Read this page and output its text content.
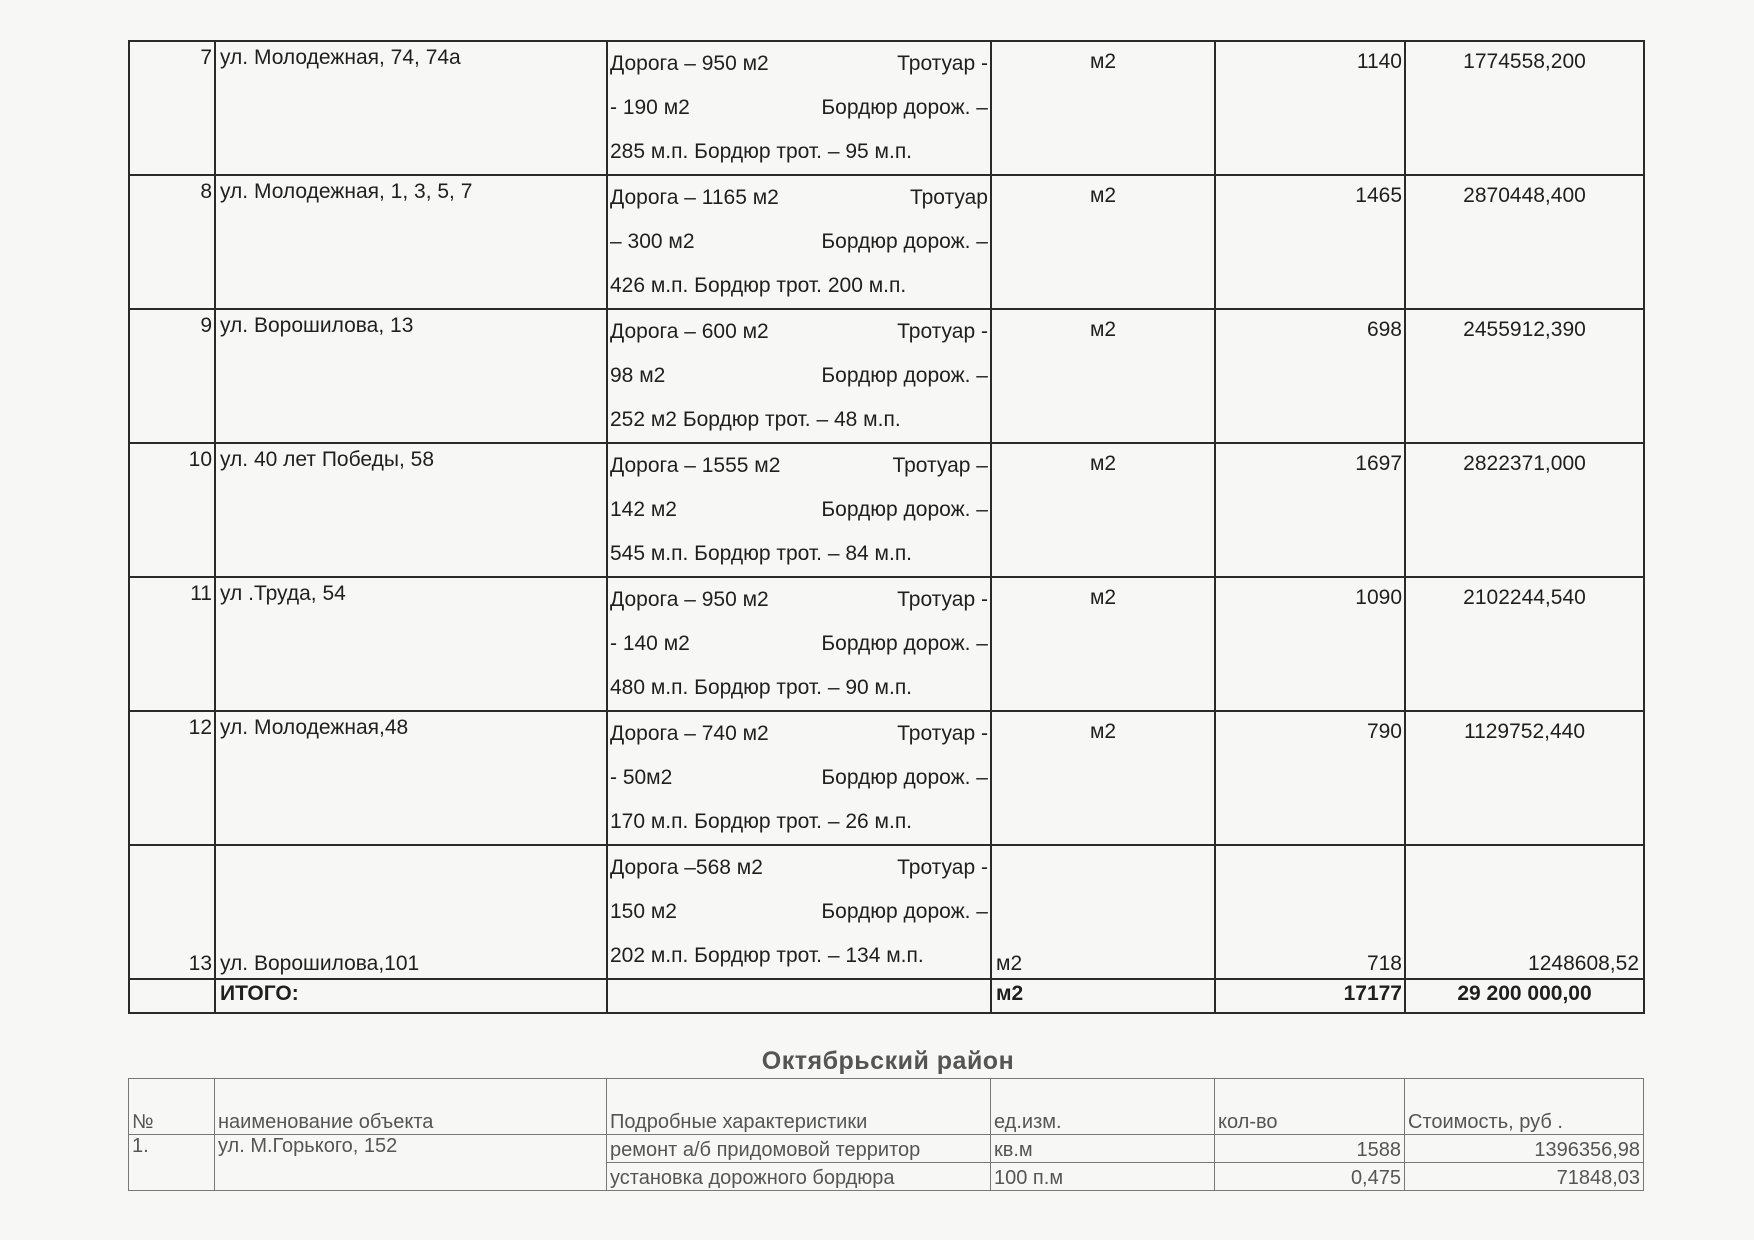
7	ул. Молодежная, 74, 74а	Дорога – 950 м2 Тротуар -
- 190 м2 Бордюр дорож. –
285 м.п. Бордюр трот. – 95 м.п.	м2	1140	1774558,200
8	ул. Молодежная, 1, 3, 5, 7	Дорога – 1165 м2 Тротуар
– 300 м2 Бордюр дорож. –
426 м.п. Бордюр трот. 200 м.п.	м2	1465	2870448,400
9	ул. Ворошилова, 13	Дорога – 600 м2 Тротуар -
98 м2 Бордюр дорож. –
252 м2 Бордюр трот. – 48 м.п.	м2	698	2455912,390
10	ул. 40 лет Победы, 58	Дорога – 1555 м2 Тротуар –
142 м2 Бордюр дорож. –
545 м.п. Бордюр трот. – 84 м.п.	м2	1697	2822371,000
11	ул .Труда, 54	Дорога – 950 м2 Тротуар -
- 140 м2 Бордюр дорож. –
480 м.п. Бордюр трот. – 90 м.п.	м2	1090	2102244,540
12	ул. Молодежная,48	Дорога – 740 м2 Тротуар -
- 50м2 Бордюр дорож. –
170 м.п. Бордюр трот. – 26 м.п.	м2	790	1129752,440
13	ул. Ворошилова,101	Дорога –568 м2 Тротуар -
150 м2 Бордюр дорож. –
202 м.п. Бордюр трот. – 134 м.п.	м2	718	1248608,52
	ИТОГО:		м2	17177	29 200 000,00
Октябрьский район
№	наименование объекта	Подробные характеристики	ед.изм.	кол-во	Стоимость, руб .
1.	ул. М.Горького, 152	ремонт а/б придомовой территор	кв.м	1588	1396356,98
		установка дорожного бордюра	100 п.м	0,475	71848,03
